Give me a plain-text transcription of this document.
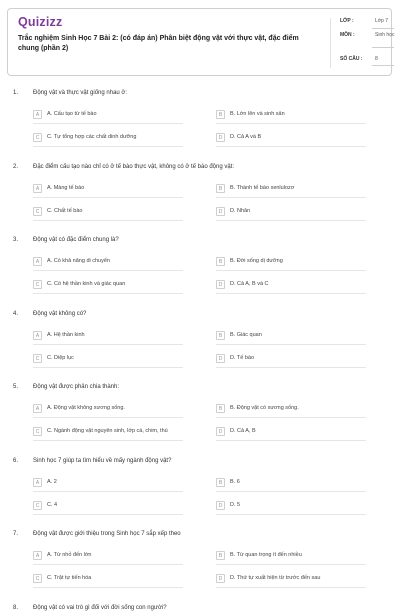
Quizizz
Trắc nghiệm Sinh Học 7 Bài 2: (có đáp án) Phân biệt động vật với thực vật, đặc điểm chung (phần 2)
LỚP :	Lớp 7
MÔN :	Sinh học
SỐ CÂU :	8
1. Động vật và thực vật giống nhau ở:
A	A. Cấu tạo từ tế bào	B	B. Lớn lên và sinh sản
C	C. Tự tổng hợp các chất dinh dưỡng	D	D. Cả A và B
2. Đặc điểm cấu tạo nào chỉ có ở tế bào thực vật, không có ở tế bào động vật:
A	A. Màng tế bào	B	B. Thành tế bào xenlulozơ
C	C. Chất tế bào	D	D. Nhân
3. Động vật có đặc điểm chung là?
A	A. Có khả năng di chuyển	B	B. Đời sống dị dưỡng
C	C. Có hệ thần kinh và giác quan	D	D. Cả A, B và C
4. Động vật không có?
A	A. Hệ thần kinh	B	B. Giác quan
C	C. Diệp lục	D	D. Tế bào
5. Động vật được phân chia thành:
A	A. Động vật không xương sống.	B	B. Động vật có xương sống.
C	C. Ngành động vật nguyên sinh, lớp cá, chim, thú	D	D. Cả A, B
6. Sinh học 7 giúp ta tìm hiểu về mấy ngành động vật?
A	A. 2	B	B. 6
C	C. 4	D	D. 5
7. Động vật được giới thiệu trong Sinh học 7 sắp xếp theo
A	A. Từ nhỏ đến lớn	B	B. Từ quan trọng ít đến nhiều
C	C. Trật tự tiến hóa	D	D. Thứ tự xuất hiện từ trước đến sau
8. Động vật có vai trò gì đối với đời sống con người?
